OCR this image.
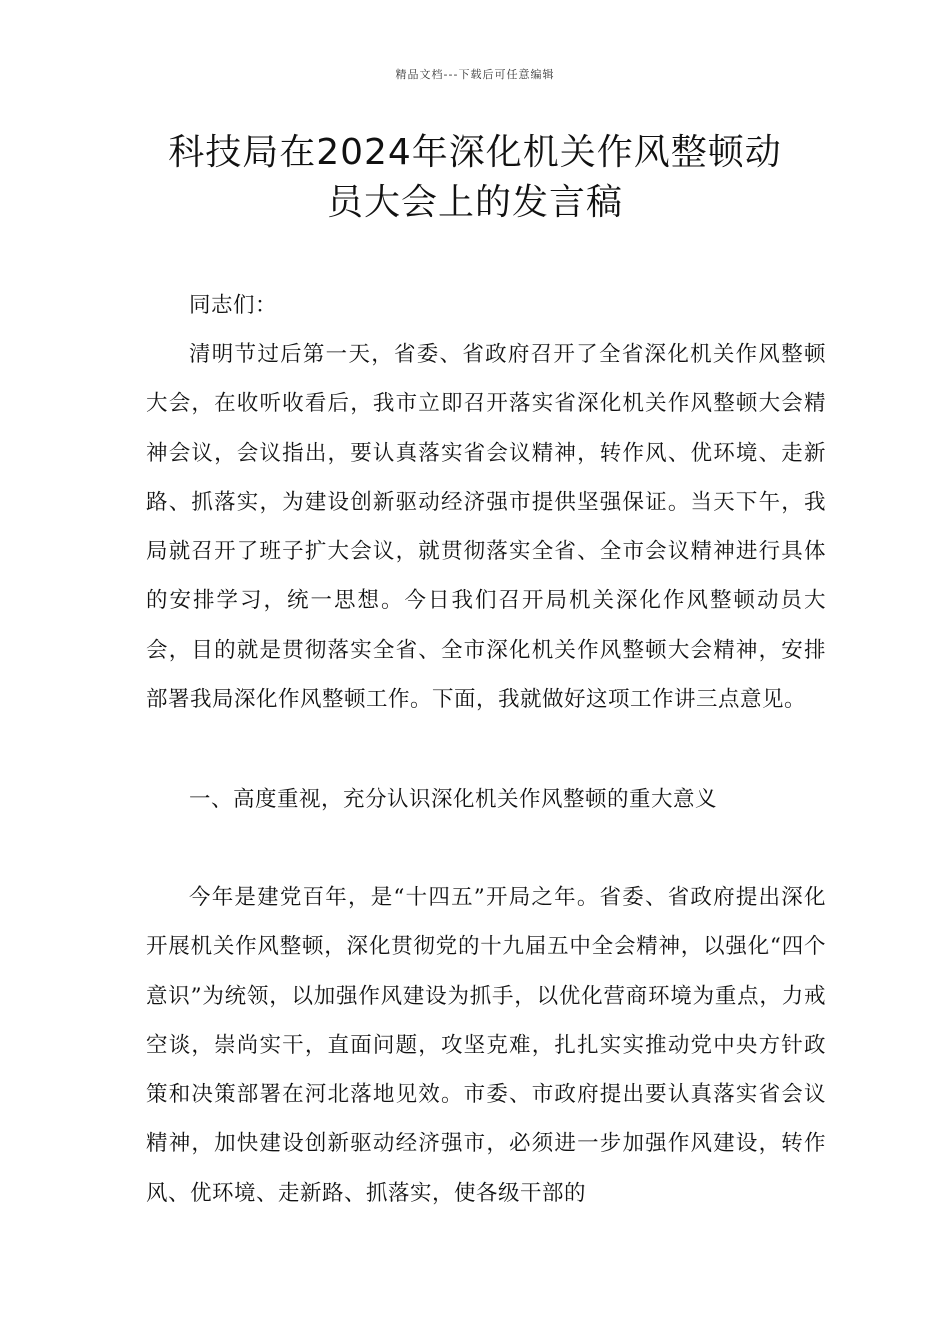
精品文档---下载后可任意编辑
科技局在2024年深化机关作风整顿动
员大会上的发言稿

同志们：

清明节过后第一天，省委、省政府召开了全省深化机关作风整顿大会，在收听收看后，我市立即召开落实省深化机关作风整顿大会精神会议，会议指出，要认真落实省会议精神，转作风、优环境、走新路、抓落实，为建设创新驱动经济强市提供坚强保证。当天下午，我局就召开了班子扩大会议，就贯彻落实全省、全市会议精神进行具体的安排学习，统一思想。今日我们召开局机关深化作风整顿动员大会，目的就是贯彻落实全省、全市深化机关作风整顿大会精神，安排部署我局深化作风整顿工作。下面，我就做好这项工作讲三点意见。

一、高度重视，充分认识深化机关作风整顿的重大意义

今年是建党百年，是“十四五”开局之年。省委、省政府提出深化开展机关作风整顿，深化贯彻党的十九届五中全会精神，以强化“四个意识”为统领，以加强作风建设为抓手，以优化营商环境为重点，力戒空谈，崇尚实干，直面问题，攻坚克难，扎扎实实推动党中央方针政策和决策部署在河北落地见效。市委、市政府提出要认真落实省会议精神，加快建设创新驱动经济强市，必须进一步加强作风建设，转作风、优环境、走新路、抓落实，使各级干部的
